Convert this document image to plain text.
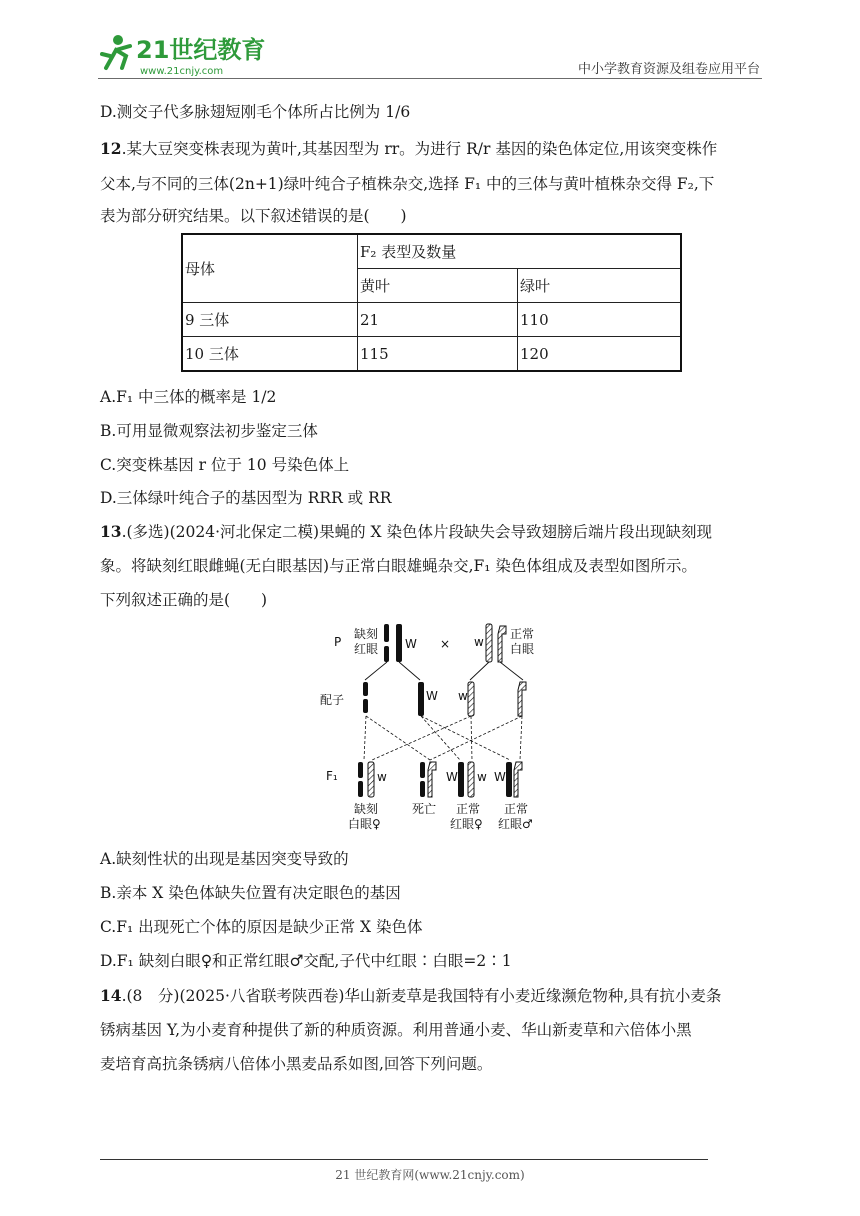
21世纪教育
www.21cnjy.com	中小学教育资源及组卷应用平台
D.测交子代多脉翅短刚毛个体所占比例为 1/6
12.某大豆突变株表现为黄叶,其基因型为 rr。为进行 R/r 基因的染色体定位,用该突变株作
父本,与不同的三体(2n+1)绿叶纯合子植株杂交,选择 F₁ 中的三体与黄叶植株杂交得 F₂,下
表为部分研究结果。以下叙述错误的是(　　)
母体	F₂ 表型及数量	
	黄叶	绿叶
9 三体	21	110
10 三体	115	120
A.F₁ 中三体的概率是 1/2
B.可用显微观察法初步鉴定三体
C.突变株基因 r 位于 10 号染色体上
D.三体绿叶纯合子的基因型为 RRR 或 RR
13.(多选)(2024·河北保定二模)果蝇的 X 染色体片段缺失会导致翅膀后端片段出现缺刻现
象。将缺刻红眼雌蝇(无白眼基因)与正常白眼雄蝇杂交,F₁ 染色体组成及表型如图所示。
下列叙述正确的是(　　)
P
缺刻
红眼 W × w
正常
白眼
配子	W w
F₁	w	W w W
缺刻
白眼♀
死亡 正常
红眼♀
正常
红眼♂
A.缺刻性状的出现是基因突变导致的
B.亲本 X 染色体缺失位置有决定眼色的基因
C.F₁ 出现死亡个体的原因是缺少正常 X 染色体
D.F₁ 缺刻白眼♀和正常红眼♂交配,子代中红眼∶白眼=2∶1
14.(8　分)(2025·八省联考陕西卷)华山新麦草是我国特有小麦近缘濒危物种,具有抗小麦条
锈病基因 Y,为小麦育种提供了新的种质资源。利用普通小麦、华山新麦草和六倍体小黑
麦培育高抗条锈病八倍体小黑麦品系如图,回答下列问题。
21 世纪教育网(www.21cnjy.com)
